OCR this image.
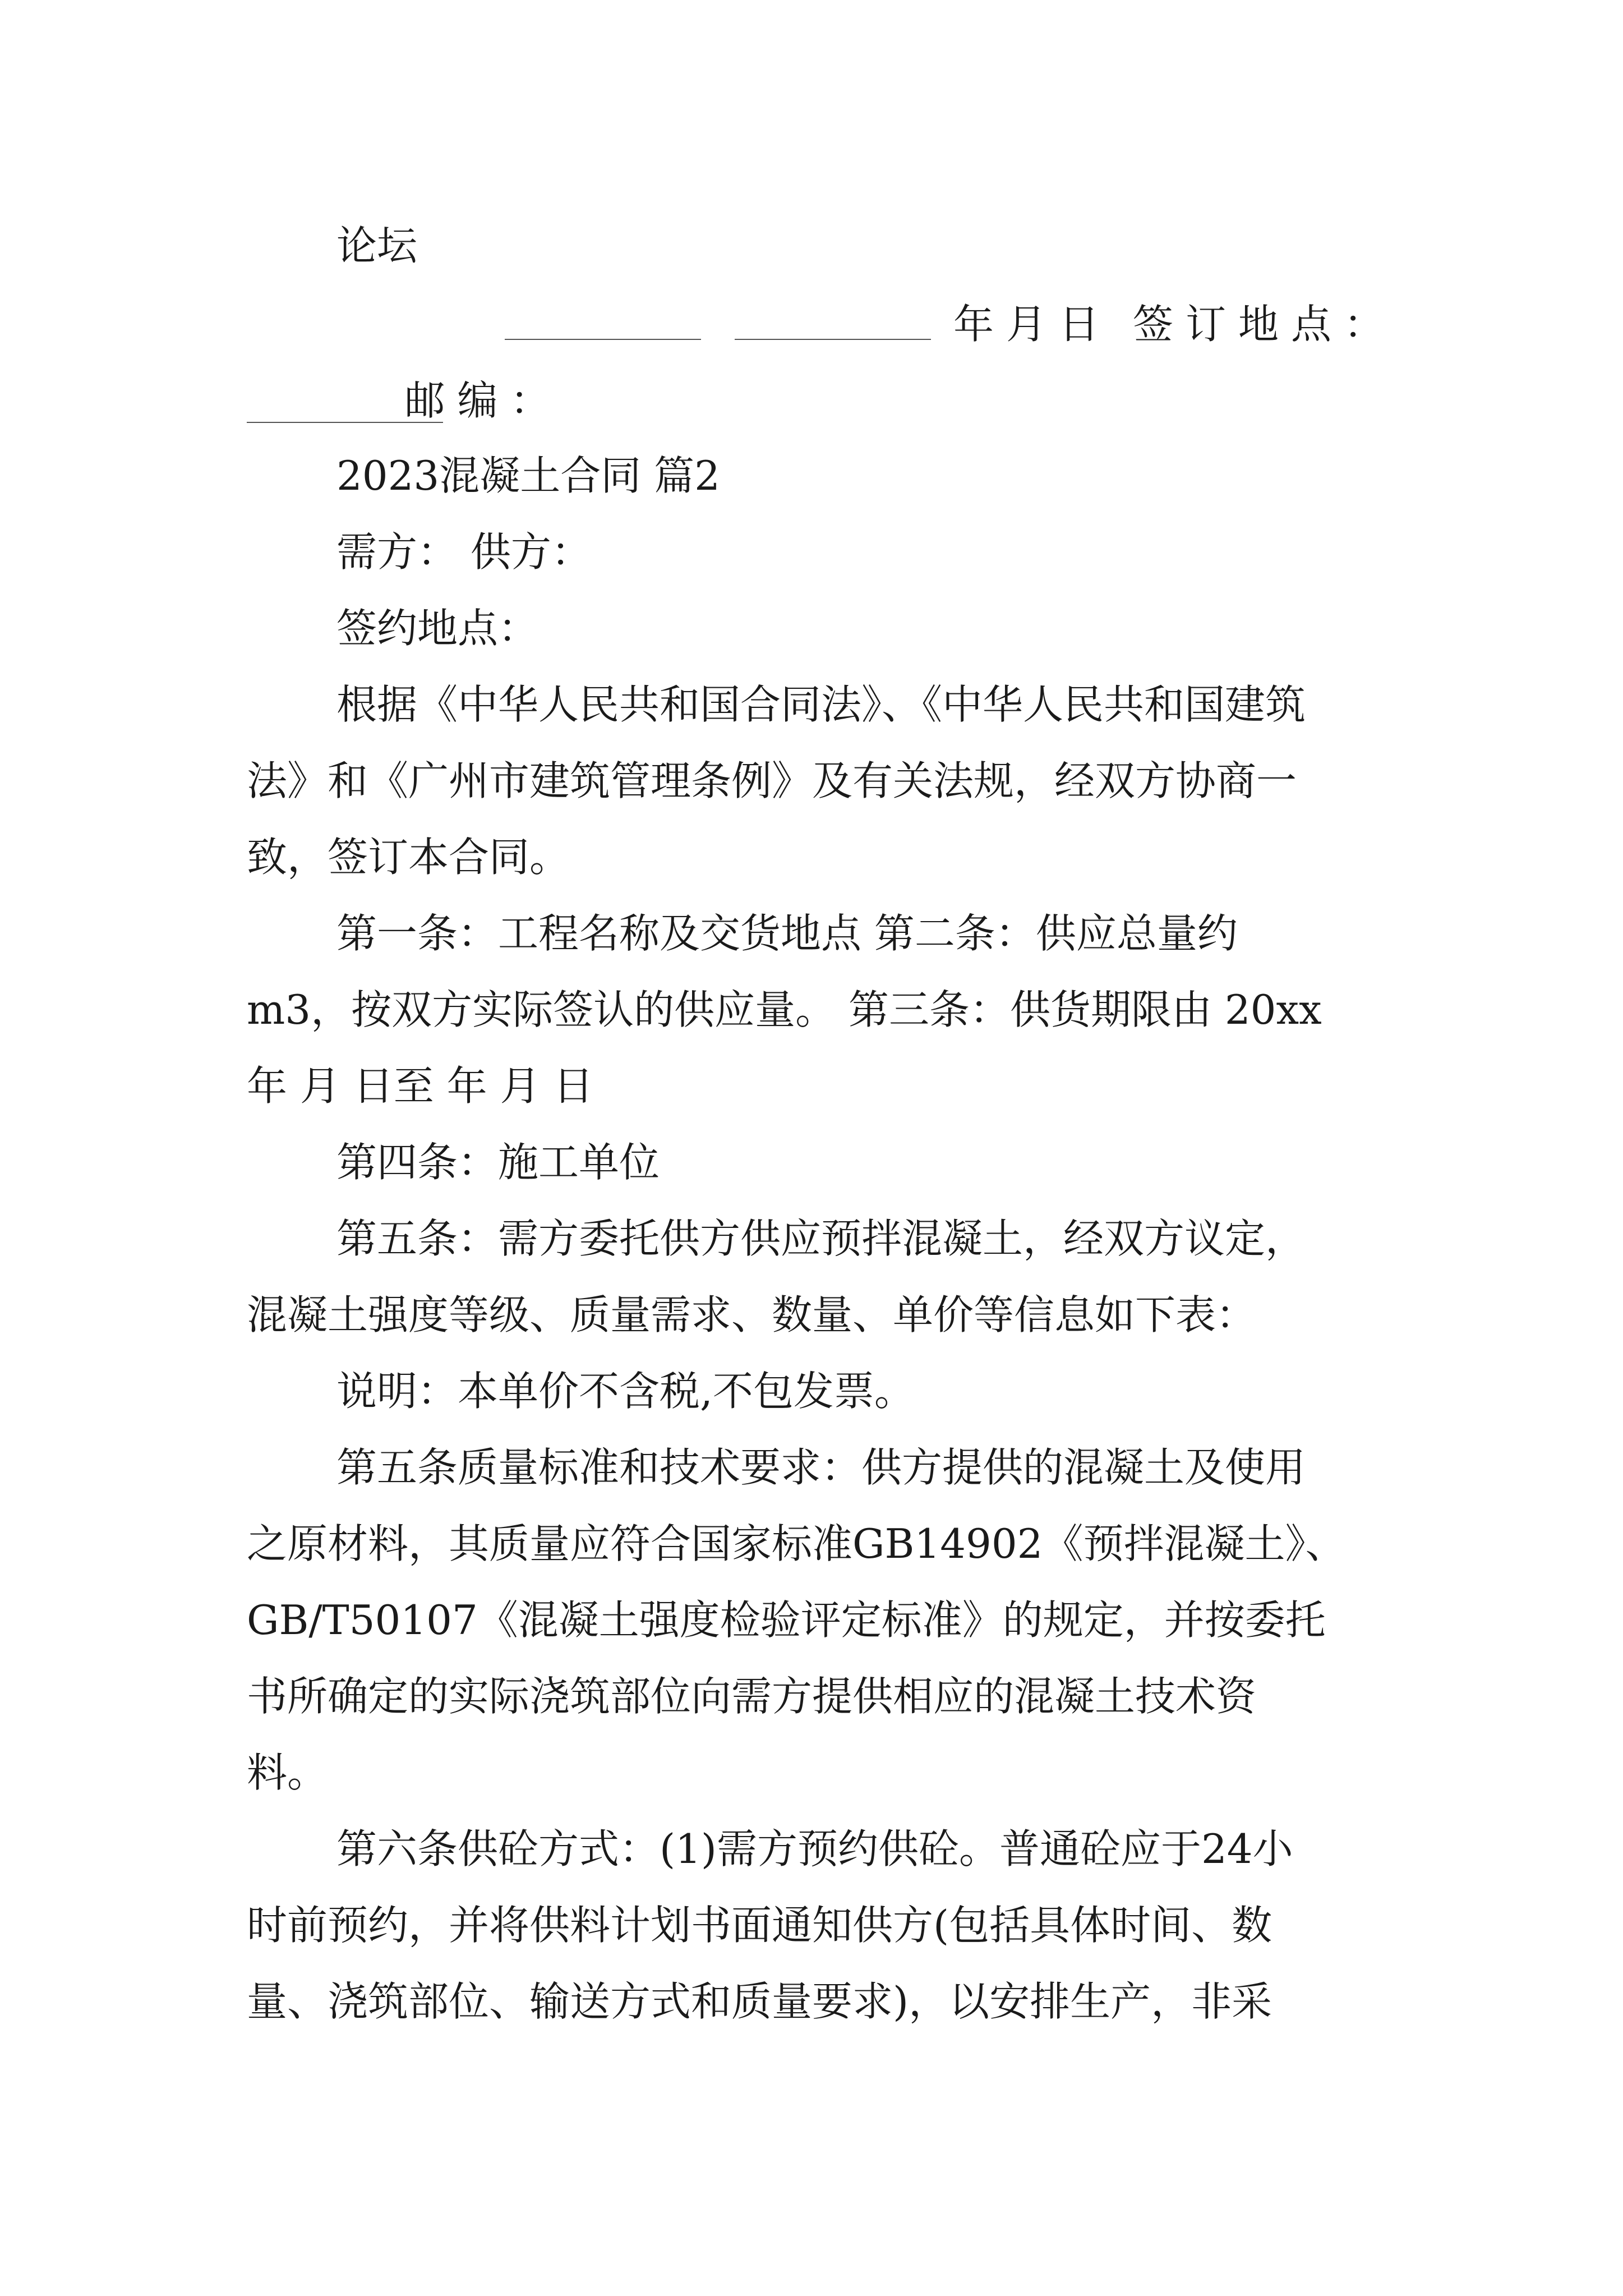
论坛

邮编：

年月日 签订地点：
2023混凝土合同 篇2
需方： 供方：
签约地点：
根据《中华人民共和国合同法》、《中华人民共和国建筑
法》和《广州市建筑管理条例》及有关法规，经双方协商一
致，签订本合同。
第一条：工程名称及交货地点 第二条：供应总量约
m3，按双方实际签认的供应量。 第三条：供货期限由 20xx
年 月 日至 年 月 日
第四条：施工单位
第五条：需方委托供方供应预拌混凝土，经双方议定，
混凝土强度等级、质量需求、数量、单价等信息如下表：
说明：本单价不含税,不包发票。
第五条质量标准和技术要求：供方提供的混凝土及使用
之原材料，其质量应符合国家标准GB14902《预拌混凝土》、
GB/T50107《混凝土强度检验评定标准》的规定，并按委托
书所确定的实际浇筑部位向需方提供相应的混凝土技术资
料。
第六条供砼方式：(1)需方预约供砼。普通砼应于24小
时前预约，并将供料计划书面通知供方(包括具体时间、数
量、浇筑部位、输送方式和质量要求)，以安排生产，非采
